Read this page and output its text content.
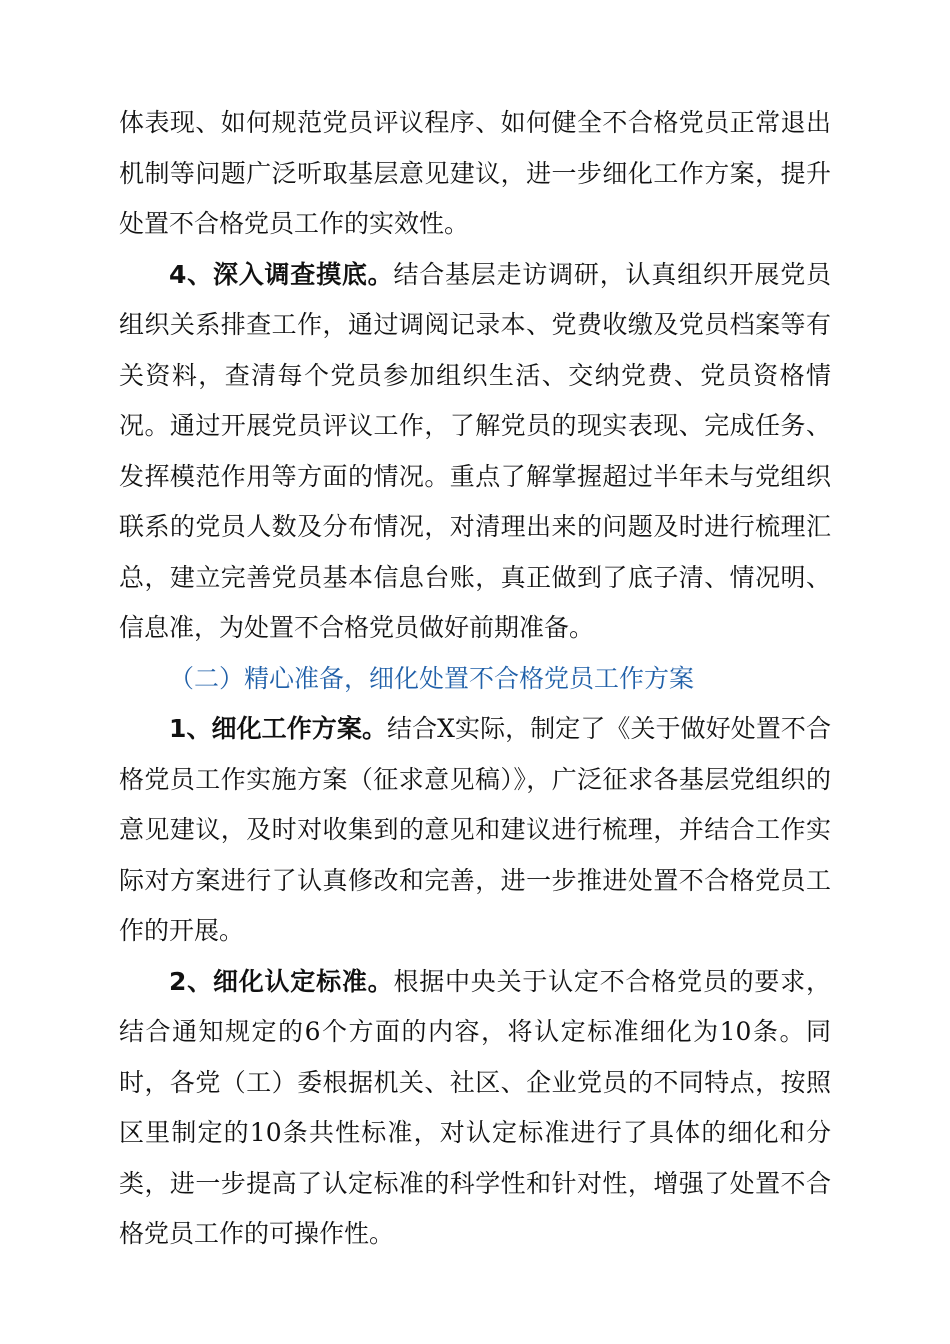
体表现、如何规范党员评议程序、如何健全不合格党员正常退出机制等问题广泛听取基层意见建议，进一步细化工作方案，提升处置不合格党员工作的实效性。

4、深入调查摸底。结合基层走访调研，认真组织开展党员组织关系排查工作，通过调阅记录本、党费收缴及党员档案等有关资料，查清每个党员参加组织生活、交纳党费、党员资格情况。通过开展党员评议工作，了解党员的现实表现、完成任务、发挥模范作用等方面的情况。重点了解掌握超过半年未与党组织联系的党员人数及分布情况，对清理出来的问题及时进行梳理汇总，建立完善党员基本信息台账，真正做到了底子清、情况明、信息准，为处置不合格党员做好前期准备。

（二）精心准备，细化处置不合格党员工作方案

1、细化工作方案。结合X实际，制定了《关于做好处置不合格党员工作实施方案（征求意见稿）》，广泛征求各基层党组织的意见建议，及时对收集到的意见和建议进行梳理，并结合工作实际对方案进行了认真修改和完善，进一步推进处置不合格党员工作的开展。

2、细化认定标准。根据中央关于认定不合格党员的要求，结合通知规定的6个方面的内容，将认定标准细化为10条。同时，各党（工）委根据机关、社区、企业党员的不同特点，按照区里制定的10条共性标准，对认定标准进行了具体的细化和分类，进一步提高了认定标准的科学性和针对性，增强了处置不合格党员工作的可操作性。
